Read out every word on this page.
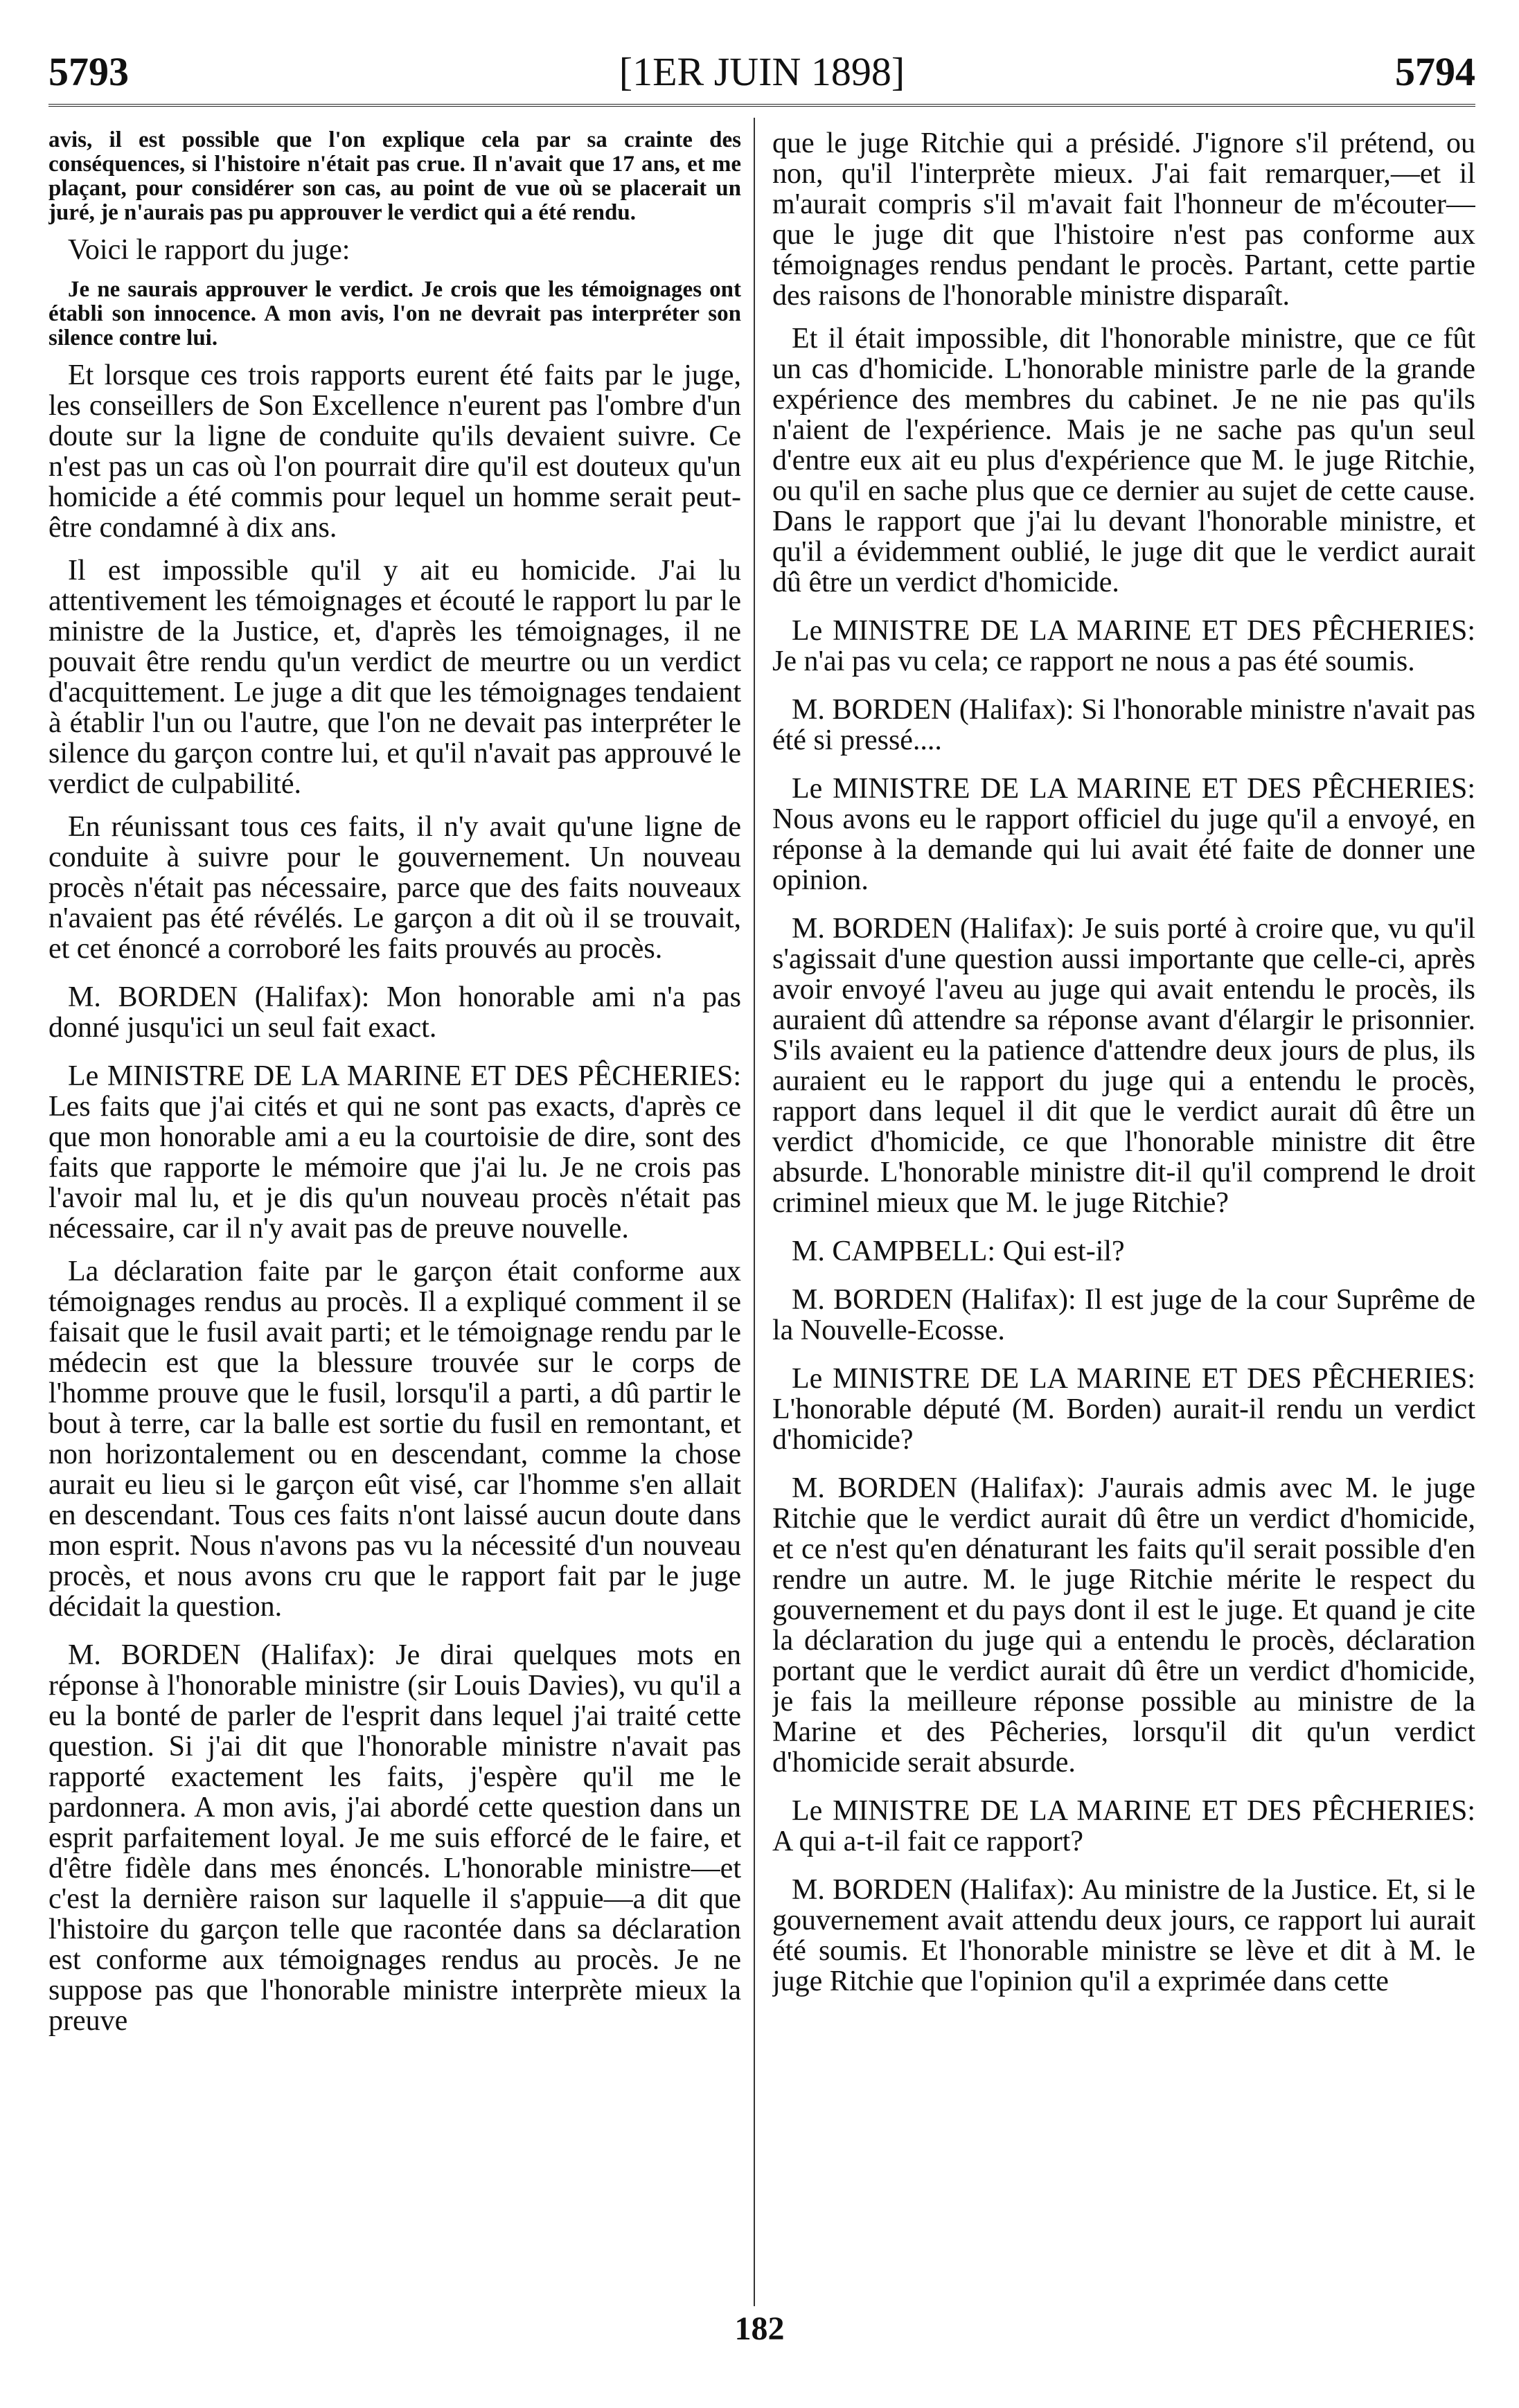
5793	[1ER JUIN 1898]	5794

avis, il est possible que l'on explique cela par sa crainte des conséquences, si l'histoire n'était pas crue. Il n'avait que 17 ans, et me plaçant, pour considérer son cas, au point de vue où se placerait un juré, je n'aurais pas pu approuver le verdict qui a été rendu.

Voici le rapport du juge:

Je ne saurais approuver le verdict. Je crois que les témoignages ont établi son innocence. A mon avis, l'on ne devrait pas interpréter son silence contre lui.

Et lorsque ces trois rapports eurent été faits par le juge, les conseillers de Son Excellence n'eurent pas l'ombre d'un doute sur la ligne de conduite qu'ils devaient suivre. Ce n'est pas un cas où l'on pourrait dire qu'il est douteux qu'un homicide a été commis pour lequel un homme serait peut-être condamné à dix ans.

Il est impossible qu'il y ait eu homicide. J'ai lu attentivement les témoignages et écouté le rapport lu par le ministre de la Justice, et, d'après les témoignages, il ne pouvait être rendu qu'un verdict de meurtre ou un verdict d'acquittement. Le juge a dit que les témoignages tendaient à établir l'un ou l'autre, que l'on ne devait pas interpréter le silence du garçon contre lui, et qu'il n'avait pas approuvé le verdict de culpabilité.

En réunissant tous ces faits, il n'y avait qu'une ligne de conduite à suivre pour le gouvernement. Un nouveau procès n'était pas nécessaire, parce que des faits nouveaux n'avaient pas été révélés. Le garçon a dit où il se trouvait, et cet énoncé a corroboré les faits prouvés au procès.

M. BORDEN (Halifax): Mon honorable ami n'a pas donné jusqu'ici un seul fait exact.

Le MINISTRE DE LA MARINE ET DES PÊCHERIES: Les faits que j'ai cités et qui ne sont pas exacts, d'après ce que mon honorable ami a eu la courtoisie de dire, sont des faits que rapporte le mémoire que j'ai lu. Je ne crois pas l'avoir mal lu, et je dis qu'un nouveau procès n'était pas nécessaire, car il n'y avait pas de preuve nouvelle.

La déclaration faite par le garçon était conforme aux témoignages rendus au procès. Il a expliqué comment il se faisait que le fusil avait parti; et le témoignage rendu par le médecin est que la blessure trouvée sur le corps de l'homme prouve que le fusil, lorsqu'il a parti, a dû partir le bout à terre, car la balle est sortie du fusil en remontant, et non horizontalement ou en descendant, comme la chose aurait eu lieu si le garçon eût visé, car l'homme s'en allait en descendant. Tous ces faits n'ont laissé aucun doute dans mon esprit. Nous n'avons pas vu la nécessité d'un nouveau procès, et nous avons cru que le rapport fait par le juge décidait la question.

M. BORDEN (Halifax): Je dirai quelques mots en réponse à l'honorable ministre (sir Louis Davies), vu qu'il a eu la bonté de parler de l'esprit dans lequel j'ai traité cette question. Si j'ai dit que l'honorable ministre n'avait pas rapporté exactement les faits, j'espère qu'il me le pardonnera. A mon avis, j'ai abordé cette question dans un esprit parfaitement loyal. Je me suis efforcé de le faire, et d'être fidèle dans mes énoncés. L'honorable ministre—et c'est la dernière raison sur laquelle il s'appuie—a dit que l'histoire du garçon telle que racontée dans sa déclaration est conforme aux témoignages rendus au procès. Je ne suppose pas que l'honorable ministre interprète mieux la preuve

que le juge Ritchie qui a présidé. J'ignore s'il prétend, ou non, qu'il l'interprète mieux. J'ai fait remarquer,—et il m'aurait compris s'il m'avait fait l'honneur de m'écouter—que le juge dit que l'histoire n'est pas conforme aux témoignages rendus pendant le procès. Partant, cette partie des raisons de l'honorable ministre disparaît.

Et il était impossible, dit l'honorable ministre, que ce fût un cas d'homicide. L'honorable ministre parle de la grande expérience des membres du cabinet. Je ne nie pas qu'ils n'aient de l'expérience. Mais je ne sache pas qu'un seul d'entre eux ait eu plus d'expérience que M. le juge Ritchie, ou qu'il en sache plus que ce dernier au sujet de cette cause. Dans le rapport que j'ai lu devant l'honorable ministre, et qu'il a évidemment oublié, le juge dit que le verdict aurait dû être un verdict d'homicide.

Le MINISTRE DE LA MARINE ET DES PÊCHERIES: Je n'ai pas vu cela; ce rapport ne nous a pas été soumis.

M. BORDEN (Halifax): Si l'honorable ministre n'avait pas été si pressé....

Le MINISTRE DE LA MARINE ET DES PÊCHERIES: Nous avons eu le rapport officiel du juge qu'il a envoyé, en réponse à la demande qui lui avait été faite de donner une opinion.

M. BORDEN (Halifax): Je suis porté à croire que, vu qu'il s'agissait d'une question aussi importante que celle-ci, après avoir envoyé l'aveu au juge qui avait entendu le procès, ils auraient dû attendre sa réponse avant d'élargir le prisonnier. S'ils avaient eu la patience d'attendre deux jours de plus, ils auraient eu le rapport du juge qui a entendu le procès, rapport dans lequel il dit que le verdict aurait dû être un verdict d'homicide, ce que l'honorable ministre dit être absurde. L'honorable ministre dit-il qu'il comprend le droit criminel mieux que M. le juge Ritchie?

M. CAMPBELL: Qui est-il?

M. BORDEN (Halifax): Il est juge de la cour Suprême de la Nouvelle-Ecosse.

Le MINISTRE DE LA MARINE ET DES PÊCHERIES: L'honorable député (M. Borden) aurait-il rendu un verdict d'homicide?

M. BORDEN (Halifax): J'aurais admis avec M. le juge Ritchie que le verdict aurait dû être un verdict d'homicide, et ce n'est qu'en dénaturant les faits qu'il serait possible d'en rendre un autre. M. le juge Ritchie mérite le respect du gouvernement et du pays dont il est le juge. Et quand je cite la déclaration du juge qui a entendu le procès, déclaration portant que le verdict aurait dû être un verdict d'homicide, je fais la meilleure réponse possible au ministre de la Marine et des Pêcheries, lorsqu'il dit qu'un verdict d'homicide serait absurde.

Le MINISTRE DE LA MARINE ET DES PÊCHERIES: A qui a-t-il fait ce rapport?

M. BORDEN (Halifax): Au ministre de la Justice. Et, si le gouvernement avait attendu deux jours, ce rapport lui aurait été soumis. Et l'honorable ministre se lève et dit à M. le juge Ritchie que l'opinion qu'il a exprimée dans cette

182
